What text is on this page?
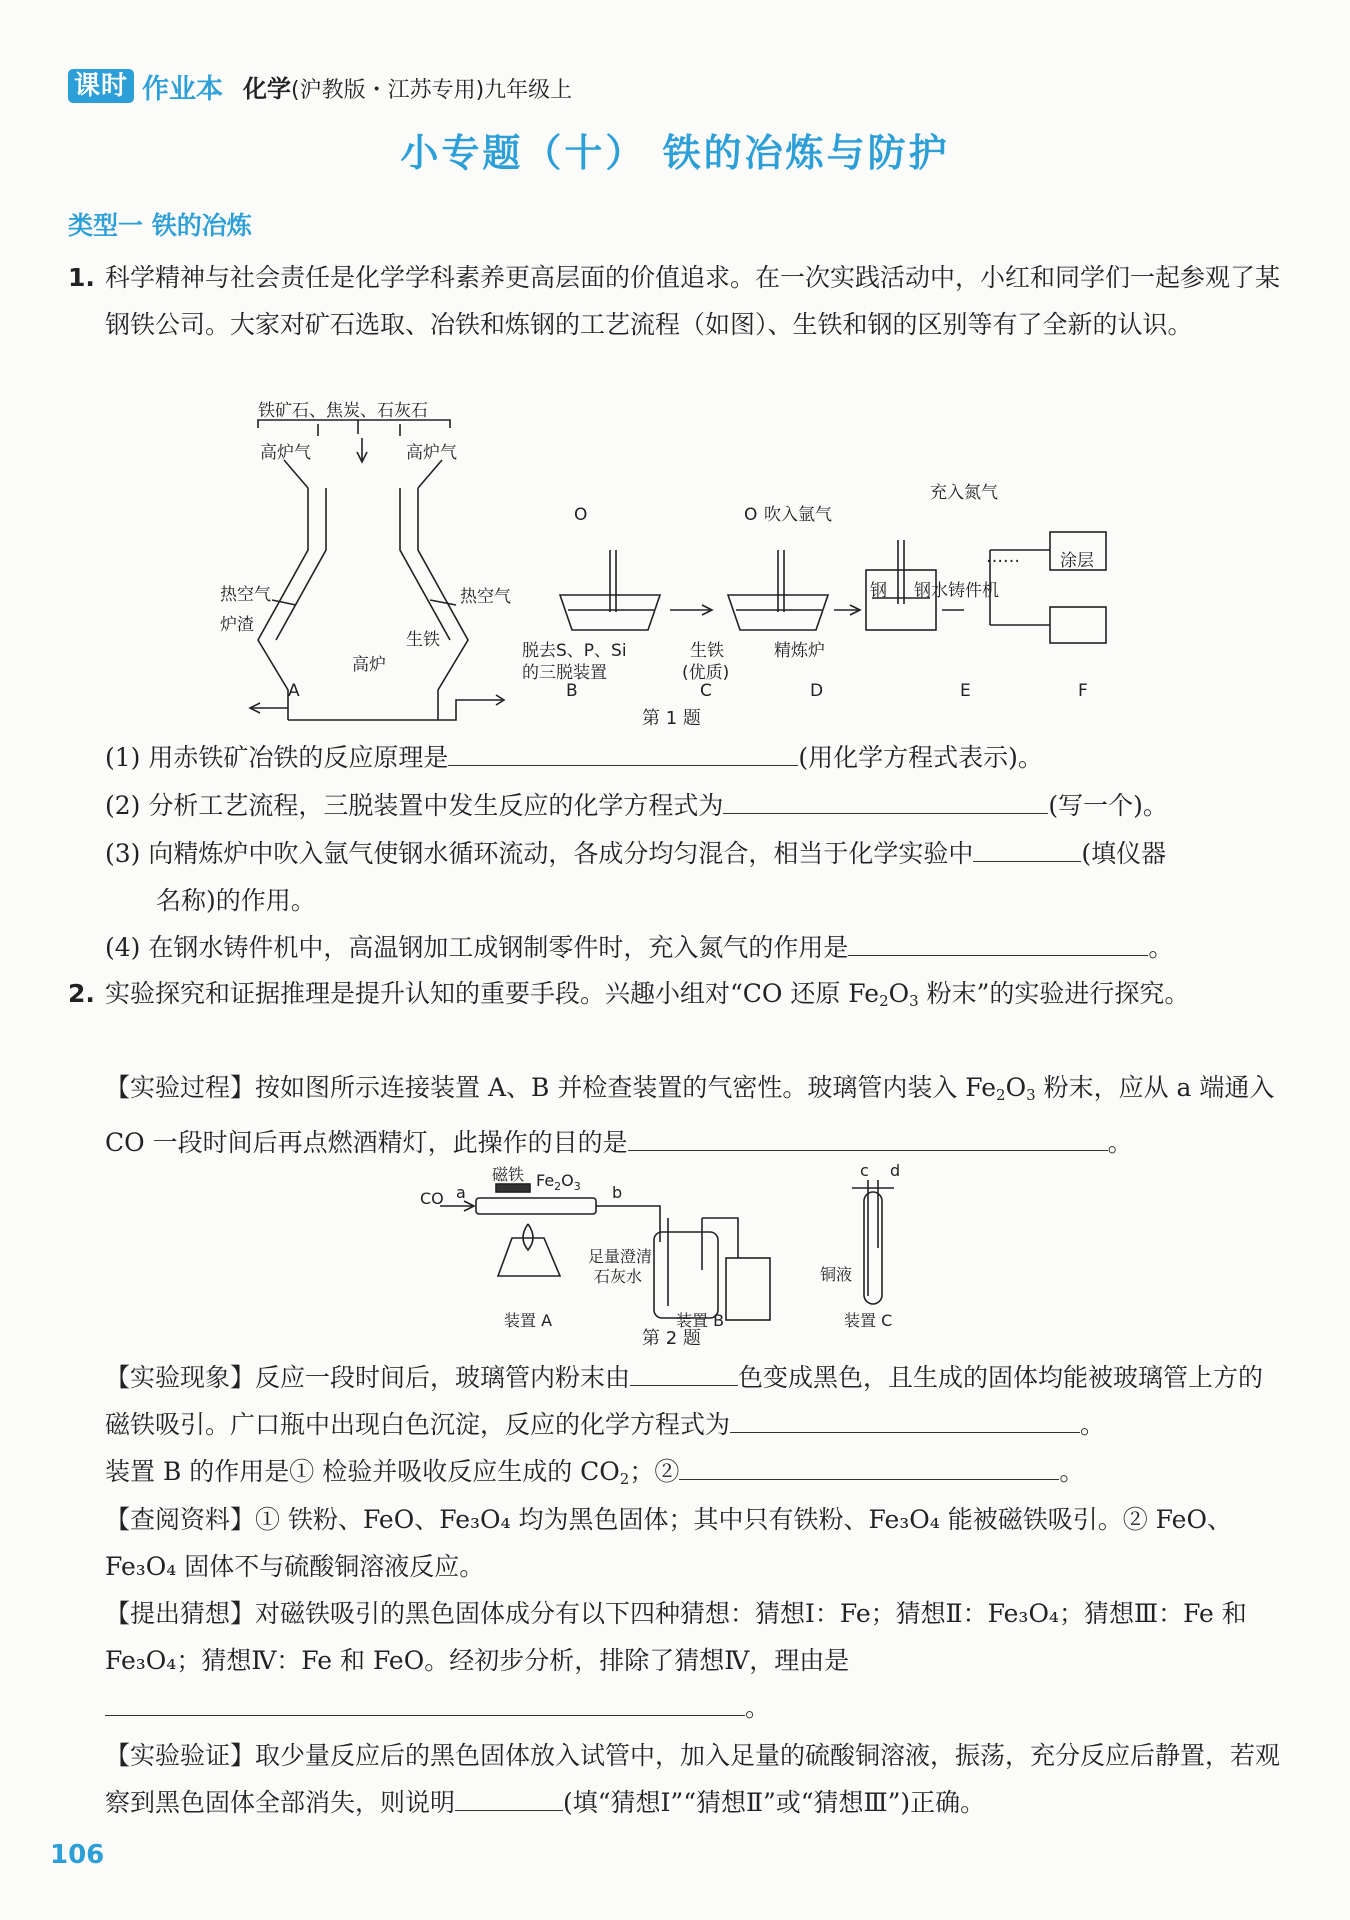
课时 作业本 化学(沪教版・江苏专用)九年级上
小专题（十） 铁的冶炼与防护
类型一 铁的冶炼
1. 科学精神与社会责任是化学学科素养更高层面的价值追求。在一次实践活动中，小红和同学们一起参观了某钢铁公司。大家对矿石选取、冶铁和炼钢的工艺流程（如图）、生铁和钢的区别等有了全新的认识。
铁矿石、焦炭、石灰石
高炉气	高炉气
热空气	热空气
炉渣
生铁
高炉
O	O 吹入氩气
充入氮气
脱去S、P、Si
的三脱装置
生铁
(优质)
精炼炉
钢 钢水铸件机
…… 涂层
A	B	C	D	E	F
第 1 题
(1) 用赤铁矿冶铁的反应原理是	(用化学方程式表示)。
(2) 分析工艺流程，三脱装置中发生反应的化学方程式为	(写一个)。
(3) 向精炼炉中吹入氩气使钢水循环流动，各成分均匀混合，相当于化学实验中	(填仪器
名称)的作用。
(4) 在钢水铸件机中，高温钢加工成钢制零件时，充入氮气的作用是	。
2. 实验探究和证据推理是提升认知的重要手段。兴趣小组对“CO 还原 $Fe_2O_3$ 粉末”的实验进行探究。
【实验过程】按如图所示连接装置 A、B 并检查装置的气密性。玻璃管内装入 $Fe_2O_3$ 粉末，应从 a 端通入 CO 一段时间后再点燃酒精灯，此操作的目的是	。
CO a
磁铁 $Fe_2O_3$ b
c d
足量澄清
石灰水	铜液
装置 A	装置 B	装置 C
第 2 题
【实验现象】反应一段时间后，玻璃管内粉末由	色变成黑色，且生成的固体均能被玻璃管上方的磁铁吸引。广口瓶中出现白色沉淀，反应的化学方程式为	。
装置 B 的作用是① 检验并吸收反应生成的 $CO_2$；②	。
【查阅资料】① 铁粉、FeO、Fe₃O₄ 均为黑色固体；其中只有铁粉、Fe₃O₄ 能被磁铁吸引。② FeO、Fe₃O₄ 固体不与硫酸铜溶液反应。
【提出猜想】对磁铁吸引的黑色固体成分有以下四种猜想：猜想Ⅰ：Fe；猜想Ⅱ：Fe₃O₄；猜想Ⅲ：Fe 和 Fe₃O₄；猜想Ⅳ：Fe 和 FeO。经初步分析，排除了猜想Ⅳ，理由是。
【实验验证】取少量反应后的黑色固体放入试管中，加入足量的硫酸铜溶液，振荡，充分反应后静置，若观察到黑色固体全部消失，则说明	(填“猜想Ⅰ”“猜想Ⅱ”或“猜想Ⅲ”)正确。
106
